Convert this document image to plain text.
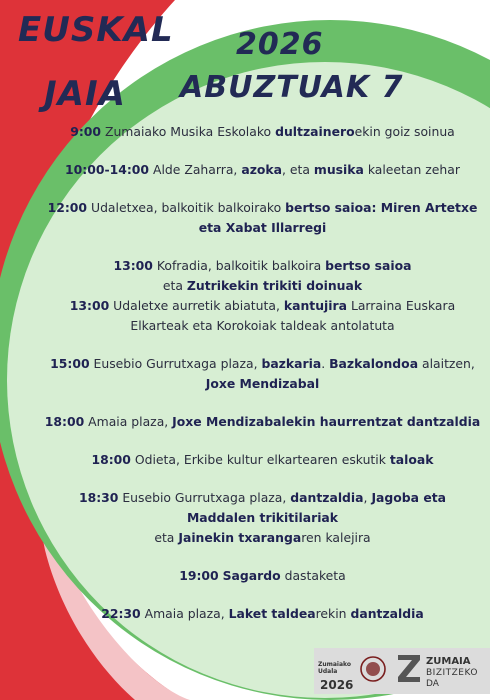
EUSKAL
JAIA
2026
ABUZTUAK 7
9:00 Zumaiako Musika Eskolako dultzaineroekin goiz soinua
10:00-14:00 Alde Zaharra, azoka, eta musika kaleetan zehar
12:00 Udaletxea, balkoitik balkoirako bertso saioa: Miren Artetxe
eta Xabat Illarregi
13:00 Kofradia, balkoitik balkoira bertso saioa
eta Zutrikekin trikiti doinuak
13:00 Udaletxe aurretik abiatuta, kantujira Larraina Euskara
Elkarteak eta Korokoiak taldeak antolatuta
15:00 Eusebio Gurrutxaga plaza, bazkaria. Bazkalondoa alaitzen,
Joxe Mendizabal
18:00 Amaia plaza, Joxe Mendizabalekin haurrentzat dantzaldia
18:00 Odieta, Erkibe kultur elkartearen eskutik taloak
18:30 Eusebio Gurrutxaga plaza, dantzaldia, Jagoba eta
Maddalen trikitilariak
eta Jainekin txarangaren kalejira
19:00 Sagardo dastaketa
22:30 Amaia plaza, Laket taldearekin dantzaldia
Zumaiako
Udala
2026
ZUMAIA
BIZITZEKO
DA
